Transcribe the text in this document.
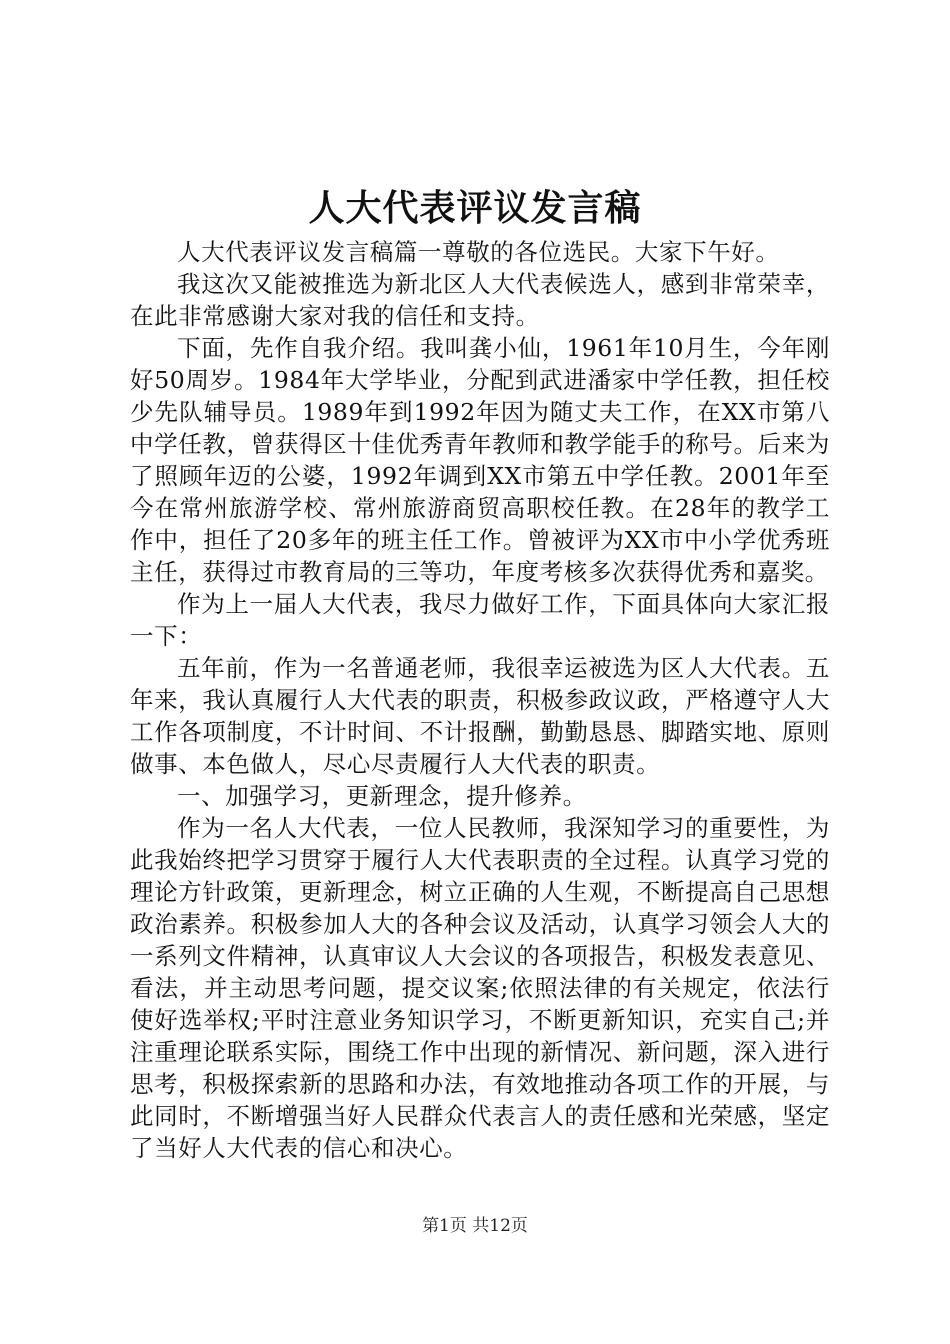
人大代表评议发言稿

人大代表评议发言稿篇一尊敬的各位选民。大家下午好。

我这次又能被推选为新北区人大代表候选人，感到非常荣幸，在此非常感谢大家对我的信任和支持。

下面，先作自我介绍。我叫龚小仙，1961年10月生，今年刚好50周岁。1984年大学毕业，分配到武进潘家中学任教，担任校少先队辅导员。1989年到1992年因为随丈夫工作，在XX市第八中学任教，曾获得区十佳优秀青年教师和教学能手的称号。后来为了照顾年迈的公婆，1992年调到XX市第五中学任教。2001年至今在常州旅游学校、常州旅游商贸高职校任教。在28年的教学工作中，担任了20多年的班主任工作。曾被评为XX市中小学优秀班主任，获得过市教育局的三等功，年度考核多次获得优秀和嘉奖。

作为上一届人大代表，我尽力做好工作，下面具体向大家汇报一下：

五年前，作为一名普通老师，我很幸运被选为区人大代表。五年来，我认真履行人大代表的职责，积极参政议政，严格遵守人大工作各项制度，不计时间、不计报酬，勤勤恳恳、脚踏实地、原则做事、本色做人，尽心尽责履行人大代表的职责。

一、加强学习，更新理念，提升修养。

作为一名人大代表，一位人民教师，我深知学习的重要性，为此我始终把学习贯穿于履行人大代表职责的全过程。认真学习党的理论方针政策，更新理念，树立正确的人生观，不断提高自己思想政治素养。积极参加人大的各种会议及活动，认真学习领会人大的一系列文件精神，认真审议人大会议的各项报告，积极发表意见、看法，并主动思考问题，提交议案;依照法律的有关规定，依法行使好选举权;平时注意业务知识学习，不断更新知识，充实自己;并注重理论联系实际，围绕工作中出现的新情况、新问题，深入进行思考，积极探索新的思路和办法，有效地推动各项工作的开展，与此同时，不断增强当好人民群众代表言人的责任感和光荣感，坚定了当好人大代表的信心和决心。

第1页 共12页
